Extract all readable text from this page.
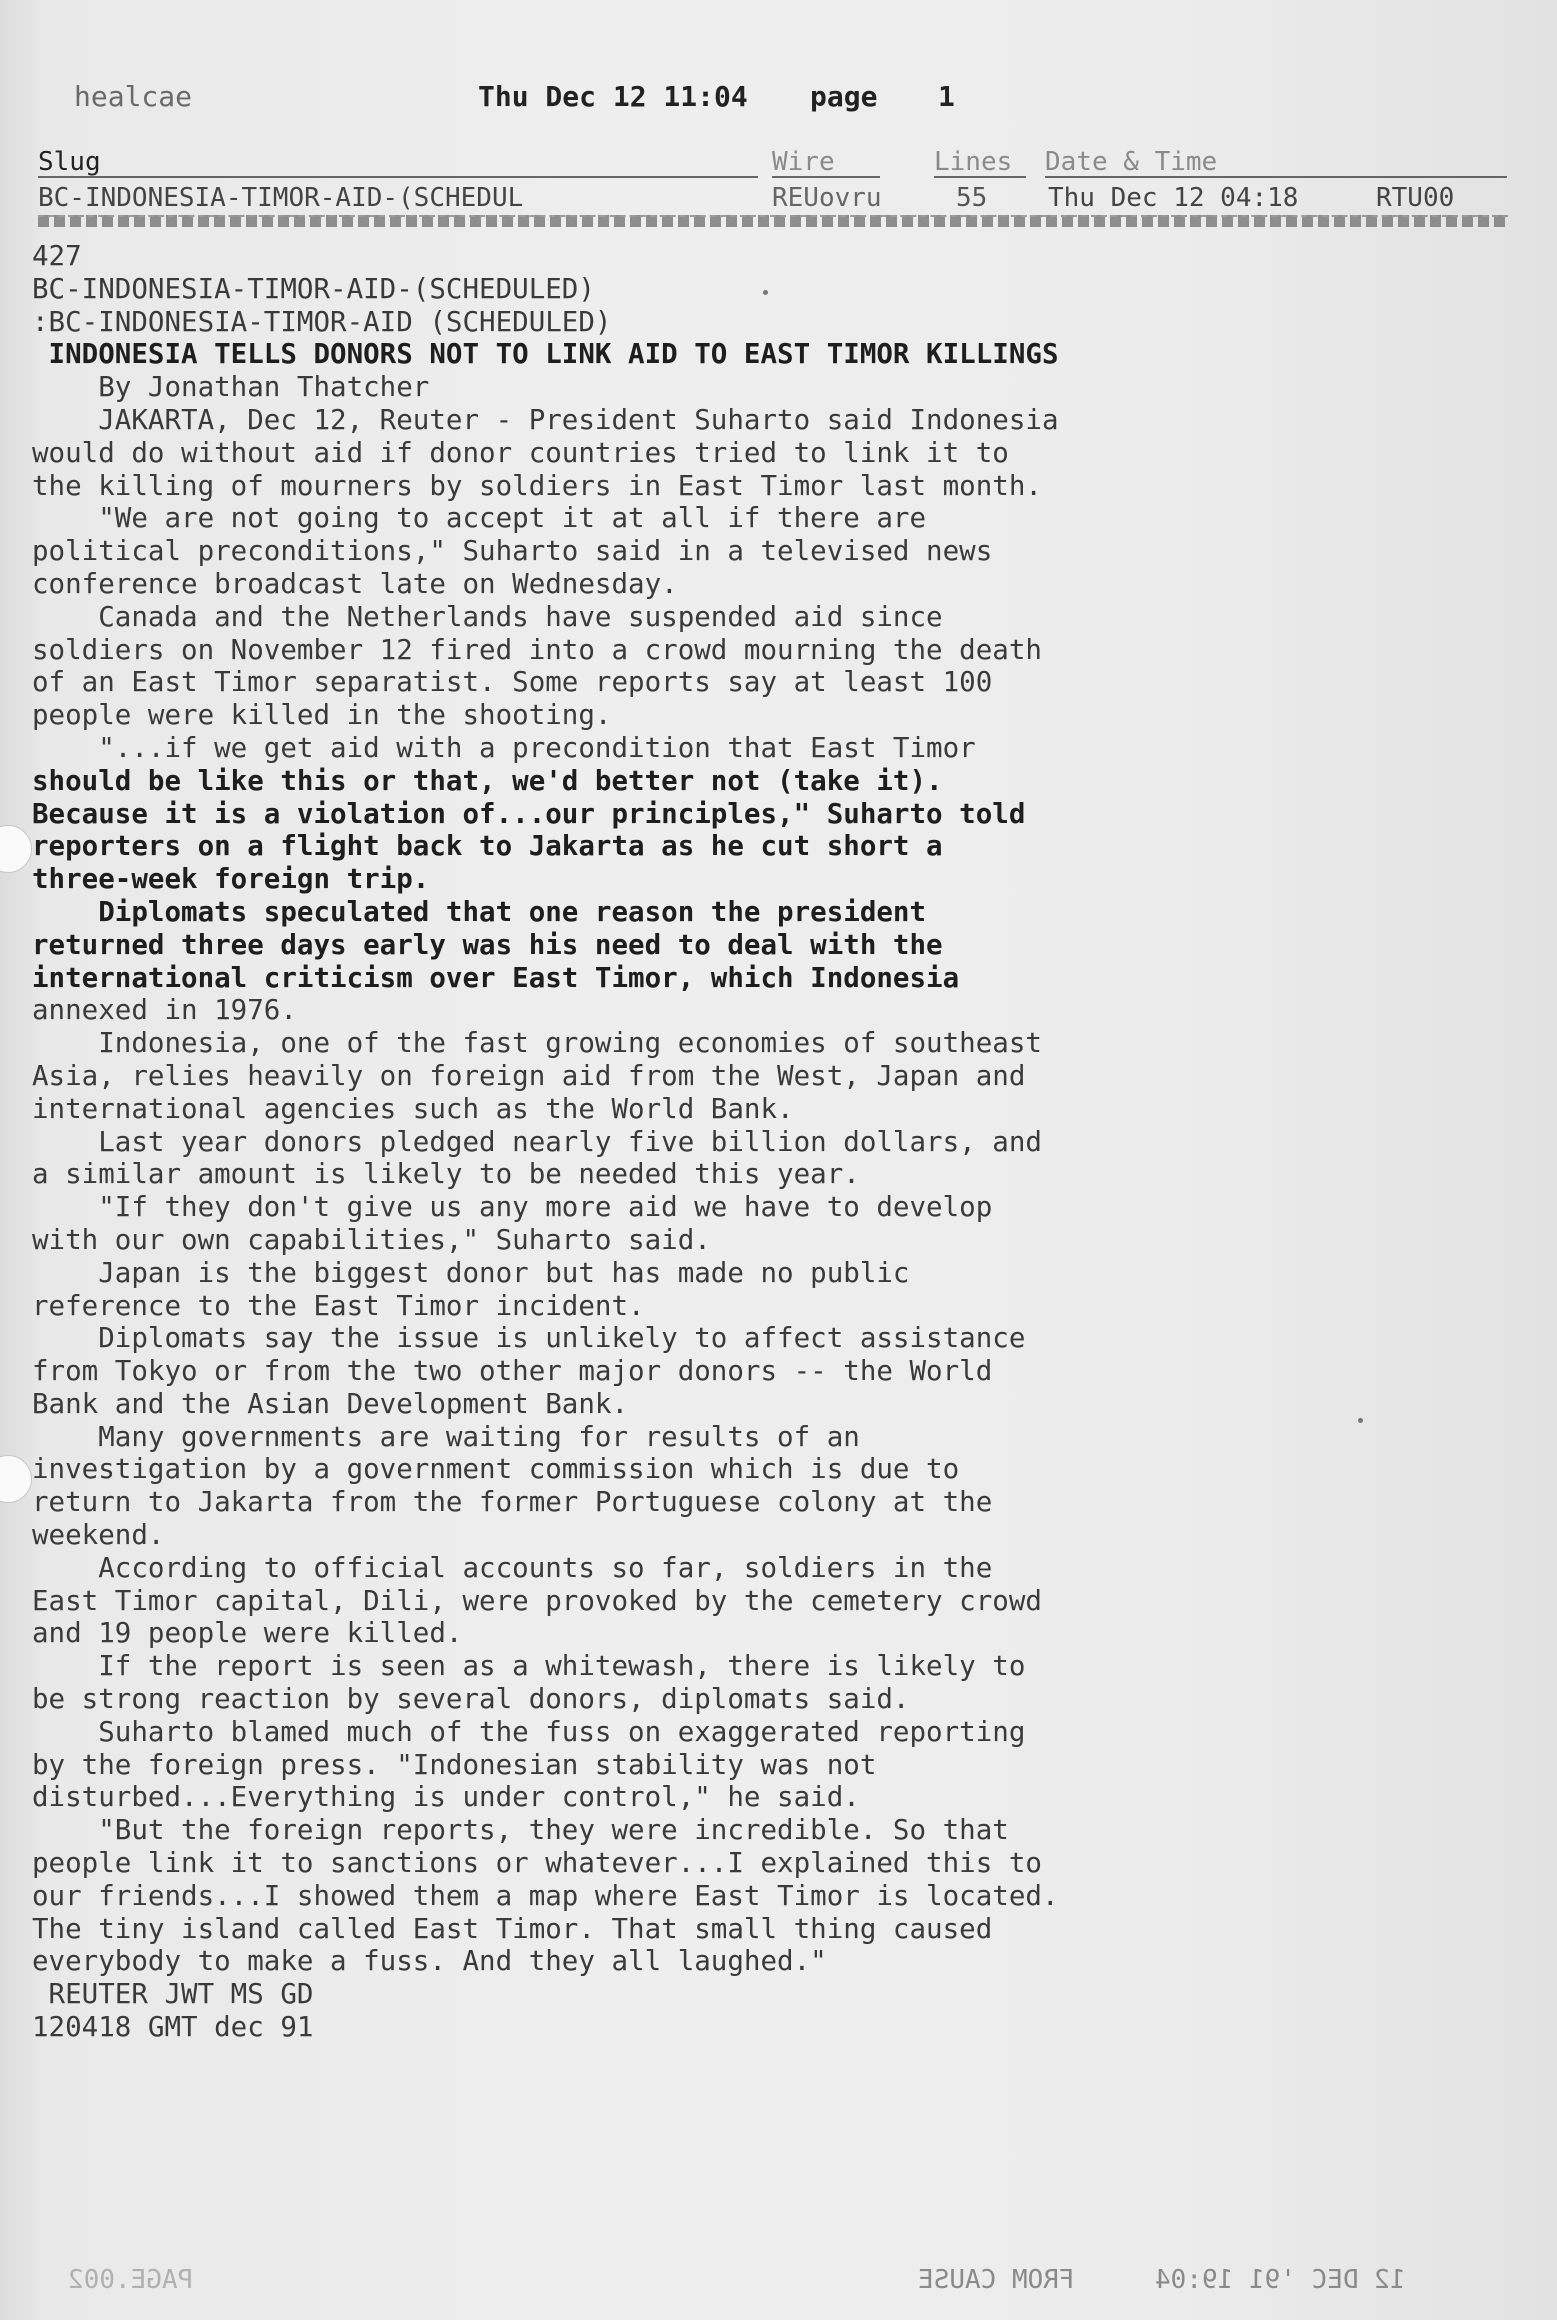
healcae	Thu Dec 12 11:04 page 1
Slug	Wire	Lines	Date & Time
BC-INDONESIA-TIMOR-AID-(SCHEDUL	REUovru	55 Thu Dec 12 04:18	RTU00
427
BC-INDONESIA-TIMOR-AID-(SCHEDULED)
:BC-INDONESIA-TIMOR-AID (SCHEDULED)
INDONESIA TELLS DONORS NOT TO LINK AID TO EAST TIMOR KILLINGS
By Jonathan Thatcher
JAKARTA, Dec 12, Reuter - President Suharto said Indonesia
would do without aid if donor countries tried to link it to
the killing of mourners by soldiers in East Timor last month.
"We are not going to accept it at all if there are
political preconditions," Suharto said in a televised news
conference broadcast late on Wednesday.
Canada and the Netherlands have suspended aid since
soldiers on November 12 fired into a crowd mourning the death
of an East Timor separatist. Some reports say at least 100
people were killed in the shooting.
"...if we get aid with a precondition that East Timor
should be like this or that, we'd better not (take it).
Because it is a violation of...our principles," Suharto told
reporters on a flight back to Jakarta as he cut short a
three-week foreign trip.
Diplomats speculated that one reason the president
returned three days early was his need to deal with the
international criticism over East Timor, which Indonesia
annexed in 1976.
Indonesia, one of the fast growing economies of southeast
Asia, relies heavily on foreign aid from the West, Japan and
international agencies such as the World Bank.
Last year donors pledged nearly five billion dollars, and
a similar amount is likely to be needed this year.
"If they don't give us any more aid we have to develop
with our own capabilities," Suharto said.
Japan is the biggest donor but has made no public
reference to the East Timor incident.
Diplomats say the issue is unlikely to affect assistance
from Tokyo or from the two other major donors -- the World
Bank and the Asian Development Bank.
Many governments are waiting for results of an
investigation by a government commission which is due to
return to Jakarta from the former Portuguese colony at the
weekend.
According to official accounts so far, soldiers in the
East Timor capital, Dili, were provoked by the cemetery crowd
and 19 people were killed.
If the report is seen as a whitewash, there is likely to
be strong reaction by several donors, diplomats said.
Suharto blamed much of the fuss on exaggerated reporting
by the foreign press. "Indonesian stability was not
disturbed...Everything is under control," he said.
"But the foreign reports, they were incredible. So that
people link it to sanctions or whatever...I explained this to
our friends...I showed them a map where East Timor is located.
The tiny island called East Timor. That small thing caused
everybody to make a fuss. And they all laughed."
REUTER JWT MS GD
120418 GMT dec 91
PAGE.002	FROM CAUSE	12 DEC '91 19:04
